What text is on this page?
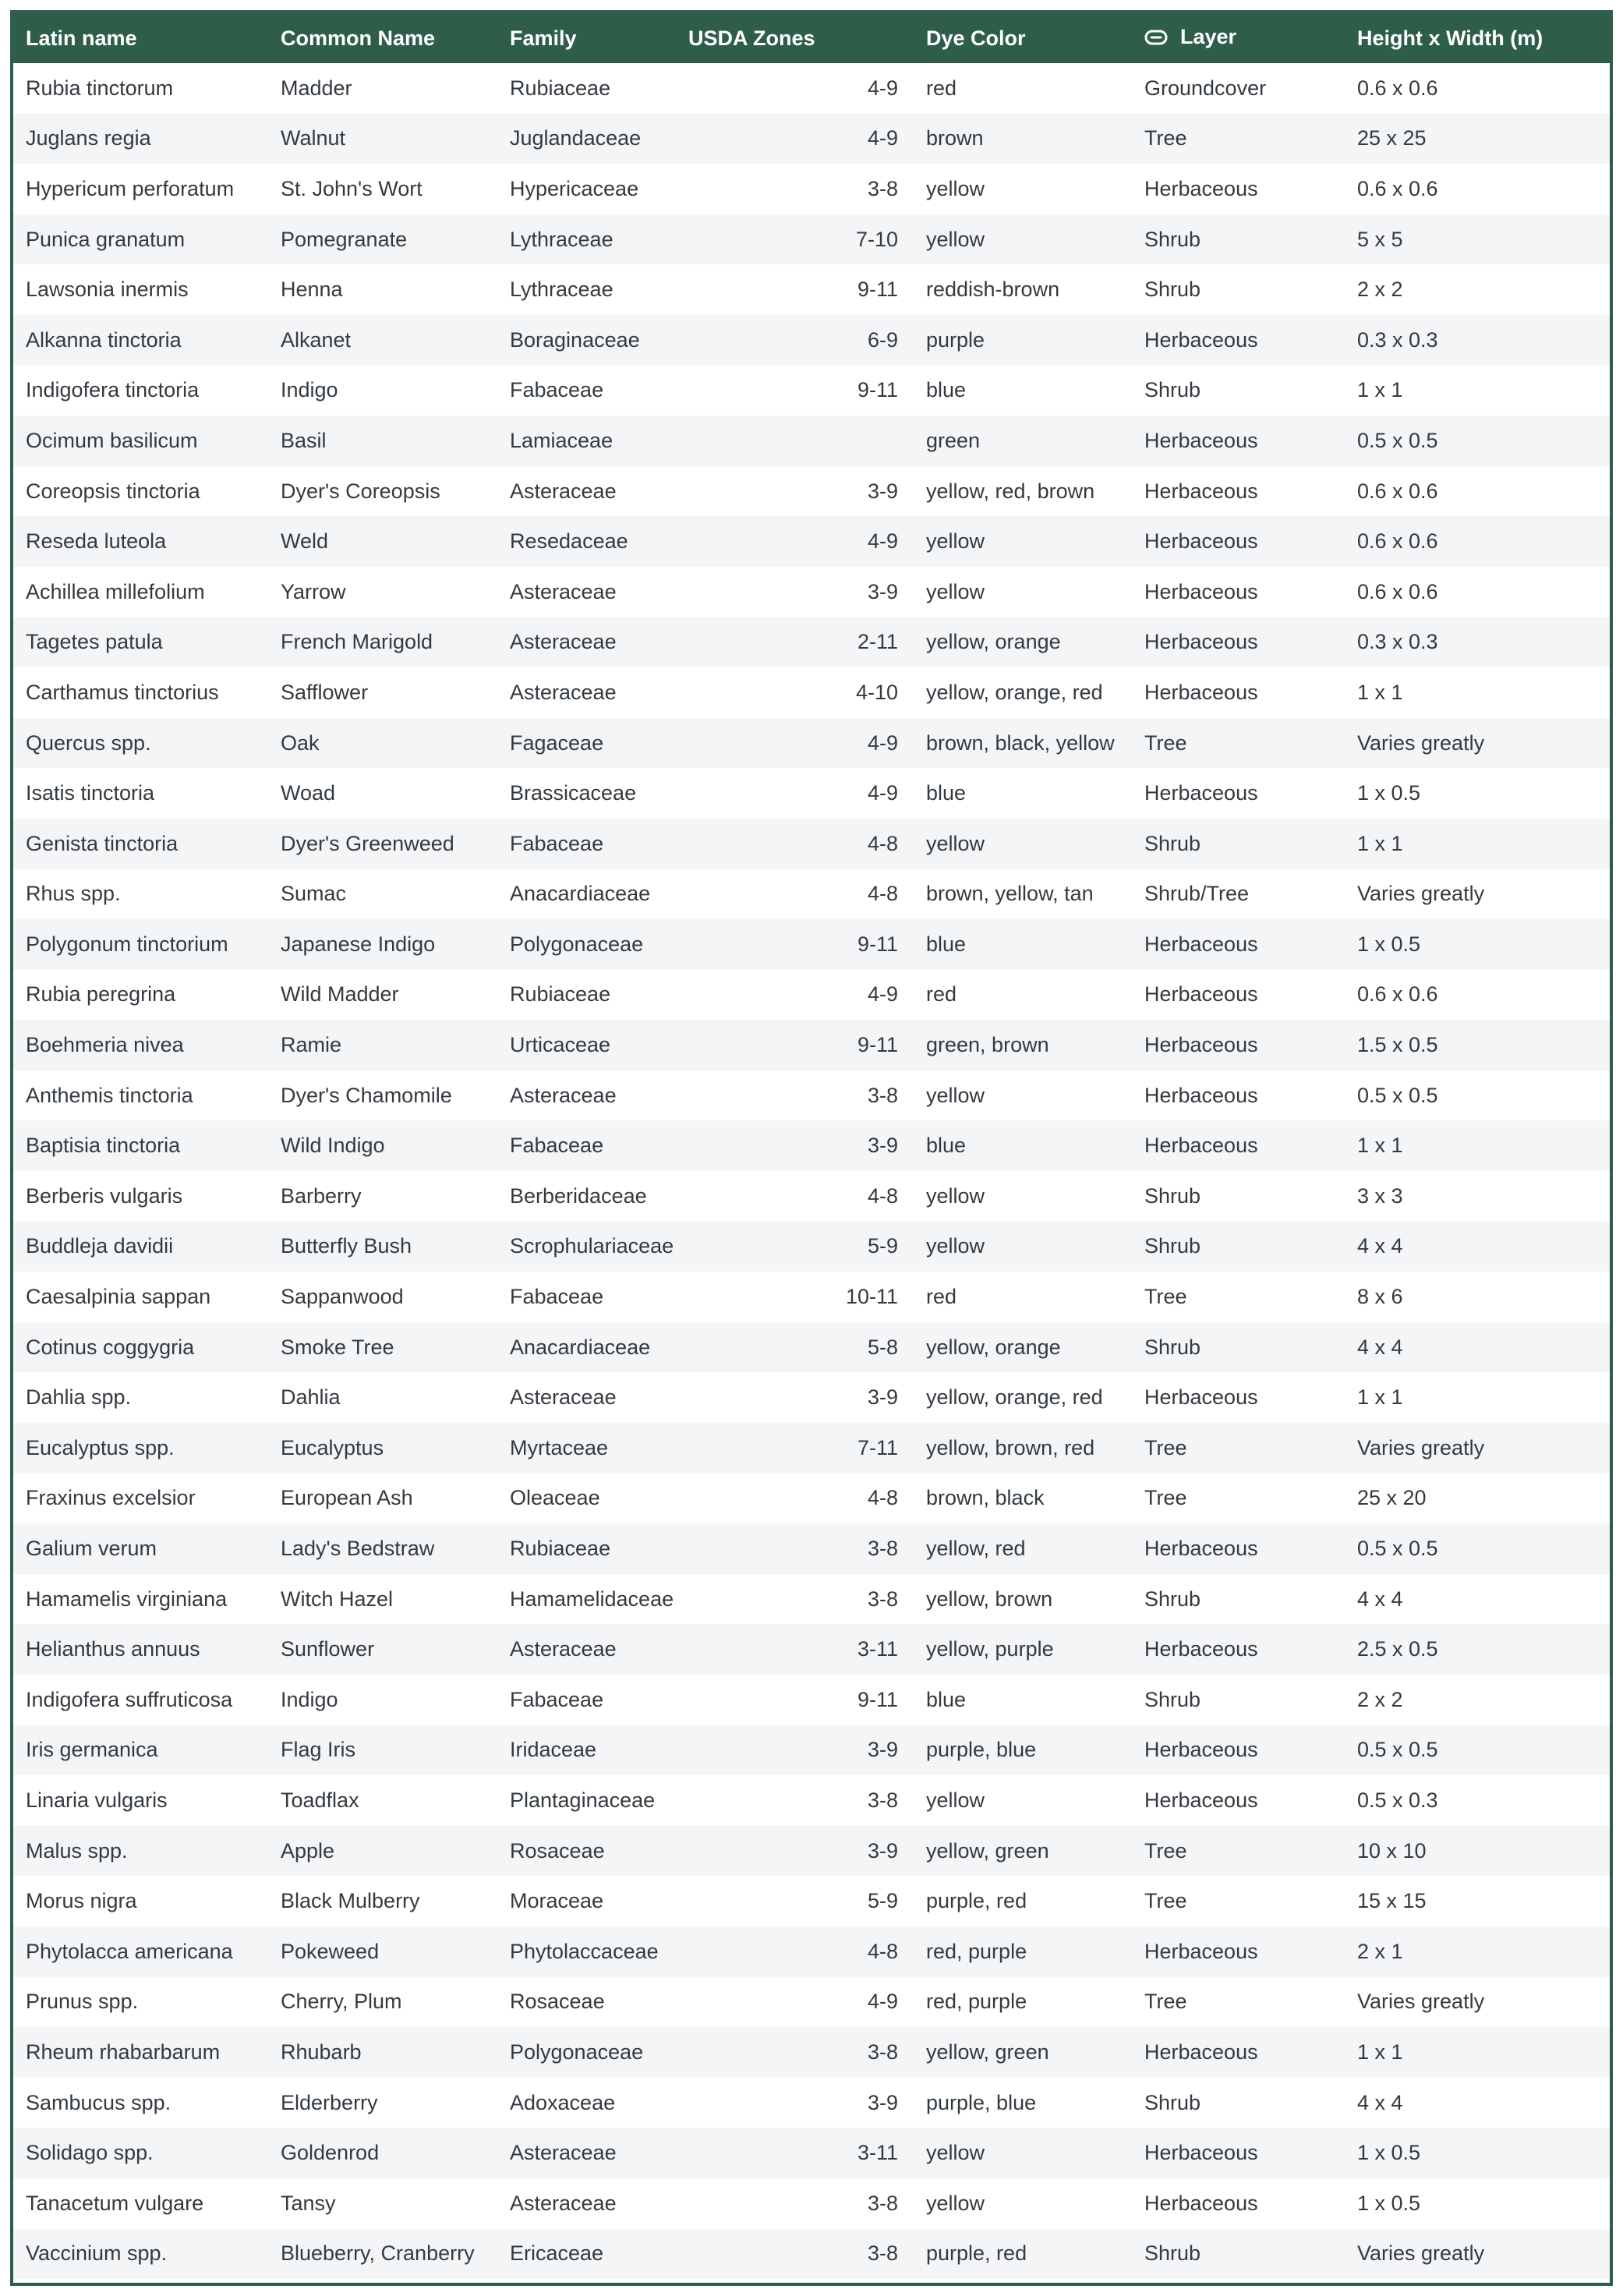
Latin name	Common Name	Family	USDA Zones	Dye Color	Layer	Height x Width (m)
Rubia tinctorum	Madder	Rubiaceae	4-9	red	Groundcover	0.6 x 0.6
Juglans regia	Walnut	Juglandaceae	4-9	brown	Tree	25 x 25
Hypericum perforatum	St. John's Wort	Hypericaceae	3-8	yellow	Herbaceous	0.6 x 0.6
Punica granatum	Pomegranate	Lythraceae	7-10	yellow	Shrub	5 x 5
Lawsonia inermis	Henna	Lythraceae	9-11	reddish-brown	Shrub	2 x 2
Alkanna tinctoria	Alkanet	Boraginaceae	6-9	purple	Herbaceous	0.3 x 0.3
Indigofera tinctoria	Indigo	Fabaceae	9-11	blue	Shrub	1 x 1
Ocimum basilicum	Basil	Lamiaceae		green	Herbaceous	0.5 x 0.5
Coreopsis tinctoria	Dyer's Coreopsis	Asteraceae	3-9	yellow, red, brown	Herbaceous	0.6 x 0.6
Reseda luteola	Weld	Resedaceae	4-9	yellow	Herbaceous	0.6 x 0.6
Achillea millefolium	Yarrow	Asteraceae	3-9	yellow	Herbaceous	0.6 x 0.6
Tagetes patula	French Marigold	Asteraceae	2-11	yellow, orange	Herbaceous	0.3 x 0.3
Carthamus tinctorius	Safflower	Asteraceae	4-10	yellow, orange, red	Herbaceous	1 x 1
Quercus spp.	Oak	Fagaceae	4-9	brown, black, yellow	Tree	Varies greatly
Isatis tinctoria	Woad	Brassicaceae	4-9	blue	Herbaceous	1 x 0.5
Genista tinctoria	Dyer's Greenweed	Fabaceae	4-8	yellow	Shrub	1 x 1
Rhus spp.	Sumac	Anacardiaceae	4-8	brown, yellow, tan	Shrub/Tree	Varies greatly
Polygonum tinctorium	Japanese Indigo	Polygonaceae	9-11	blue	Herbaceous	1 x 0.5
Rubia peregrina	Wild Madder	Rubiaceae	4-9	red	Herbaceous	0.6 x 0.6
Boehmeria nivea	Ramie	Urticaceae	9-11	green, brown	Herbaceous	1.5 x 0.5
Anthemis tinctoria	Dyer's Chamomile	Asteraceae	3-8	yellow	Herbaceous	0.5 x 0.5
Baptisia tinctoria	Wild Indigo	Fabaceae	3-9	blue	Herbaceous	1 x 1
Berberis vulgaris	Barberry	Berberidaceae	4-8	yellow	Shrub	3 x 3
Buddleja davidii	Butterfly Bush	Scrophulariaceae	5-9	yellow	Shrub	4 x 4
Caesalpinia sappan	Sappanwood	Fabaceae	10-11	red	Tree	8 x 6
Cotinus coggygria	Smoke Tree	Anacardiaceae	5-8	yellow, orange	Shrub	4 x 4
Dahlia spp.	Dahlia	Asteraceae	3-9	yellow, orange, red	Herbaceous	1 x 1
Eucalyptus spp.	Eucalyptus	Myrtaceae	7-11	yellow, brown, red	Tree	Varies greatly
Fraxinus excelsior	European Ash	Oleaceae	4-8	brown, black	Tree	25 x 20
Galium verum	Lady's Bedstraw	Rubiaceae	3-8	yellow, red	Herbaceous	0.5 x 0.5
Hamamelis virginiana	Witch Hazel	Hamamelidaceae	3-8	yellow, brown	Shrub	4 x 4
Helianthus annuus	Sunflower	Asteraceae	3-11	yellow, purple	Herbaceous	2.5 x 0.5
Indigofera suffruticosa	Indigo	Fabaceae	9-11	blue	Shrub	2 x 2
Iris germanica	Flag Iris	Iridaceae	3-9	purple, blue	Herbaceous	0.5 x 0.5
Linaria vulgaris	Toadflax	Plantaginaceae	3-8	yellow	Herbaceous	0.5 x 0.3
Malus spp.	Apple	Rosaceae	3-9	yellow, green	Tree	10 x 10
Morus nigra	Black Mulberry	Moraceae	5-9	purple, red	Tree	15 x 15
Phytolacca americana	Pokeweed	Phytolaccaceae	4-8	red, purple	Herbaceous	2 x 1
Prunus spp.	Cherry, Plum	Rosaceae	4-9	red, purple	Tree	Varies greatly
Rheum rhabarbarum	Rhubarb	Polygonaceae	3-8	yellow, green	Herbaceous	1 x 1
Sambucus spp.	Elderberry	Adoxaceae	3-9	purple, blue	Shrub	4 x 4
Solidago spp.	Goldenrod	Asteraceae	3-11	yellow	Herbaceous	1 x 0.5
Tanacetum vulgare	Tansy	Asteraceae	3-8	yellow	Herbaceous	1 x 0.5
Vaccinium spp.	Blueberry, Cranberry	Ericaceae	3-8	purple, red	Shrub	Varies greatly
